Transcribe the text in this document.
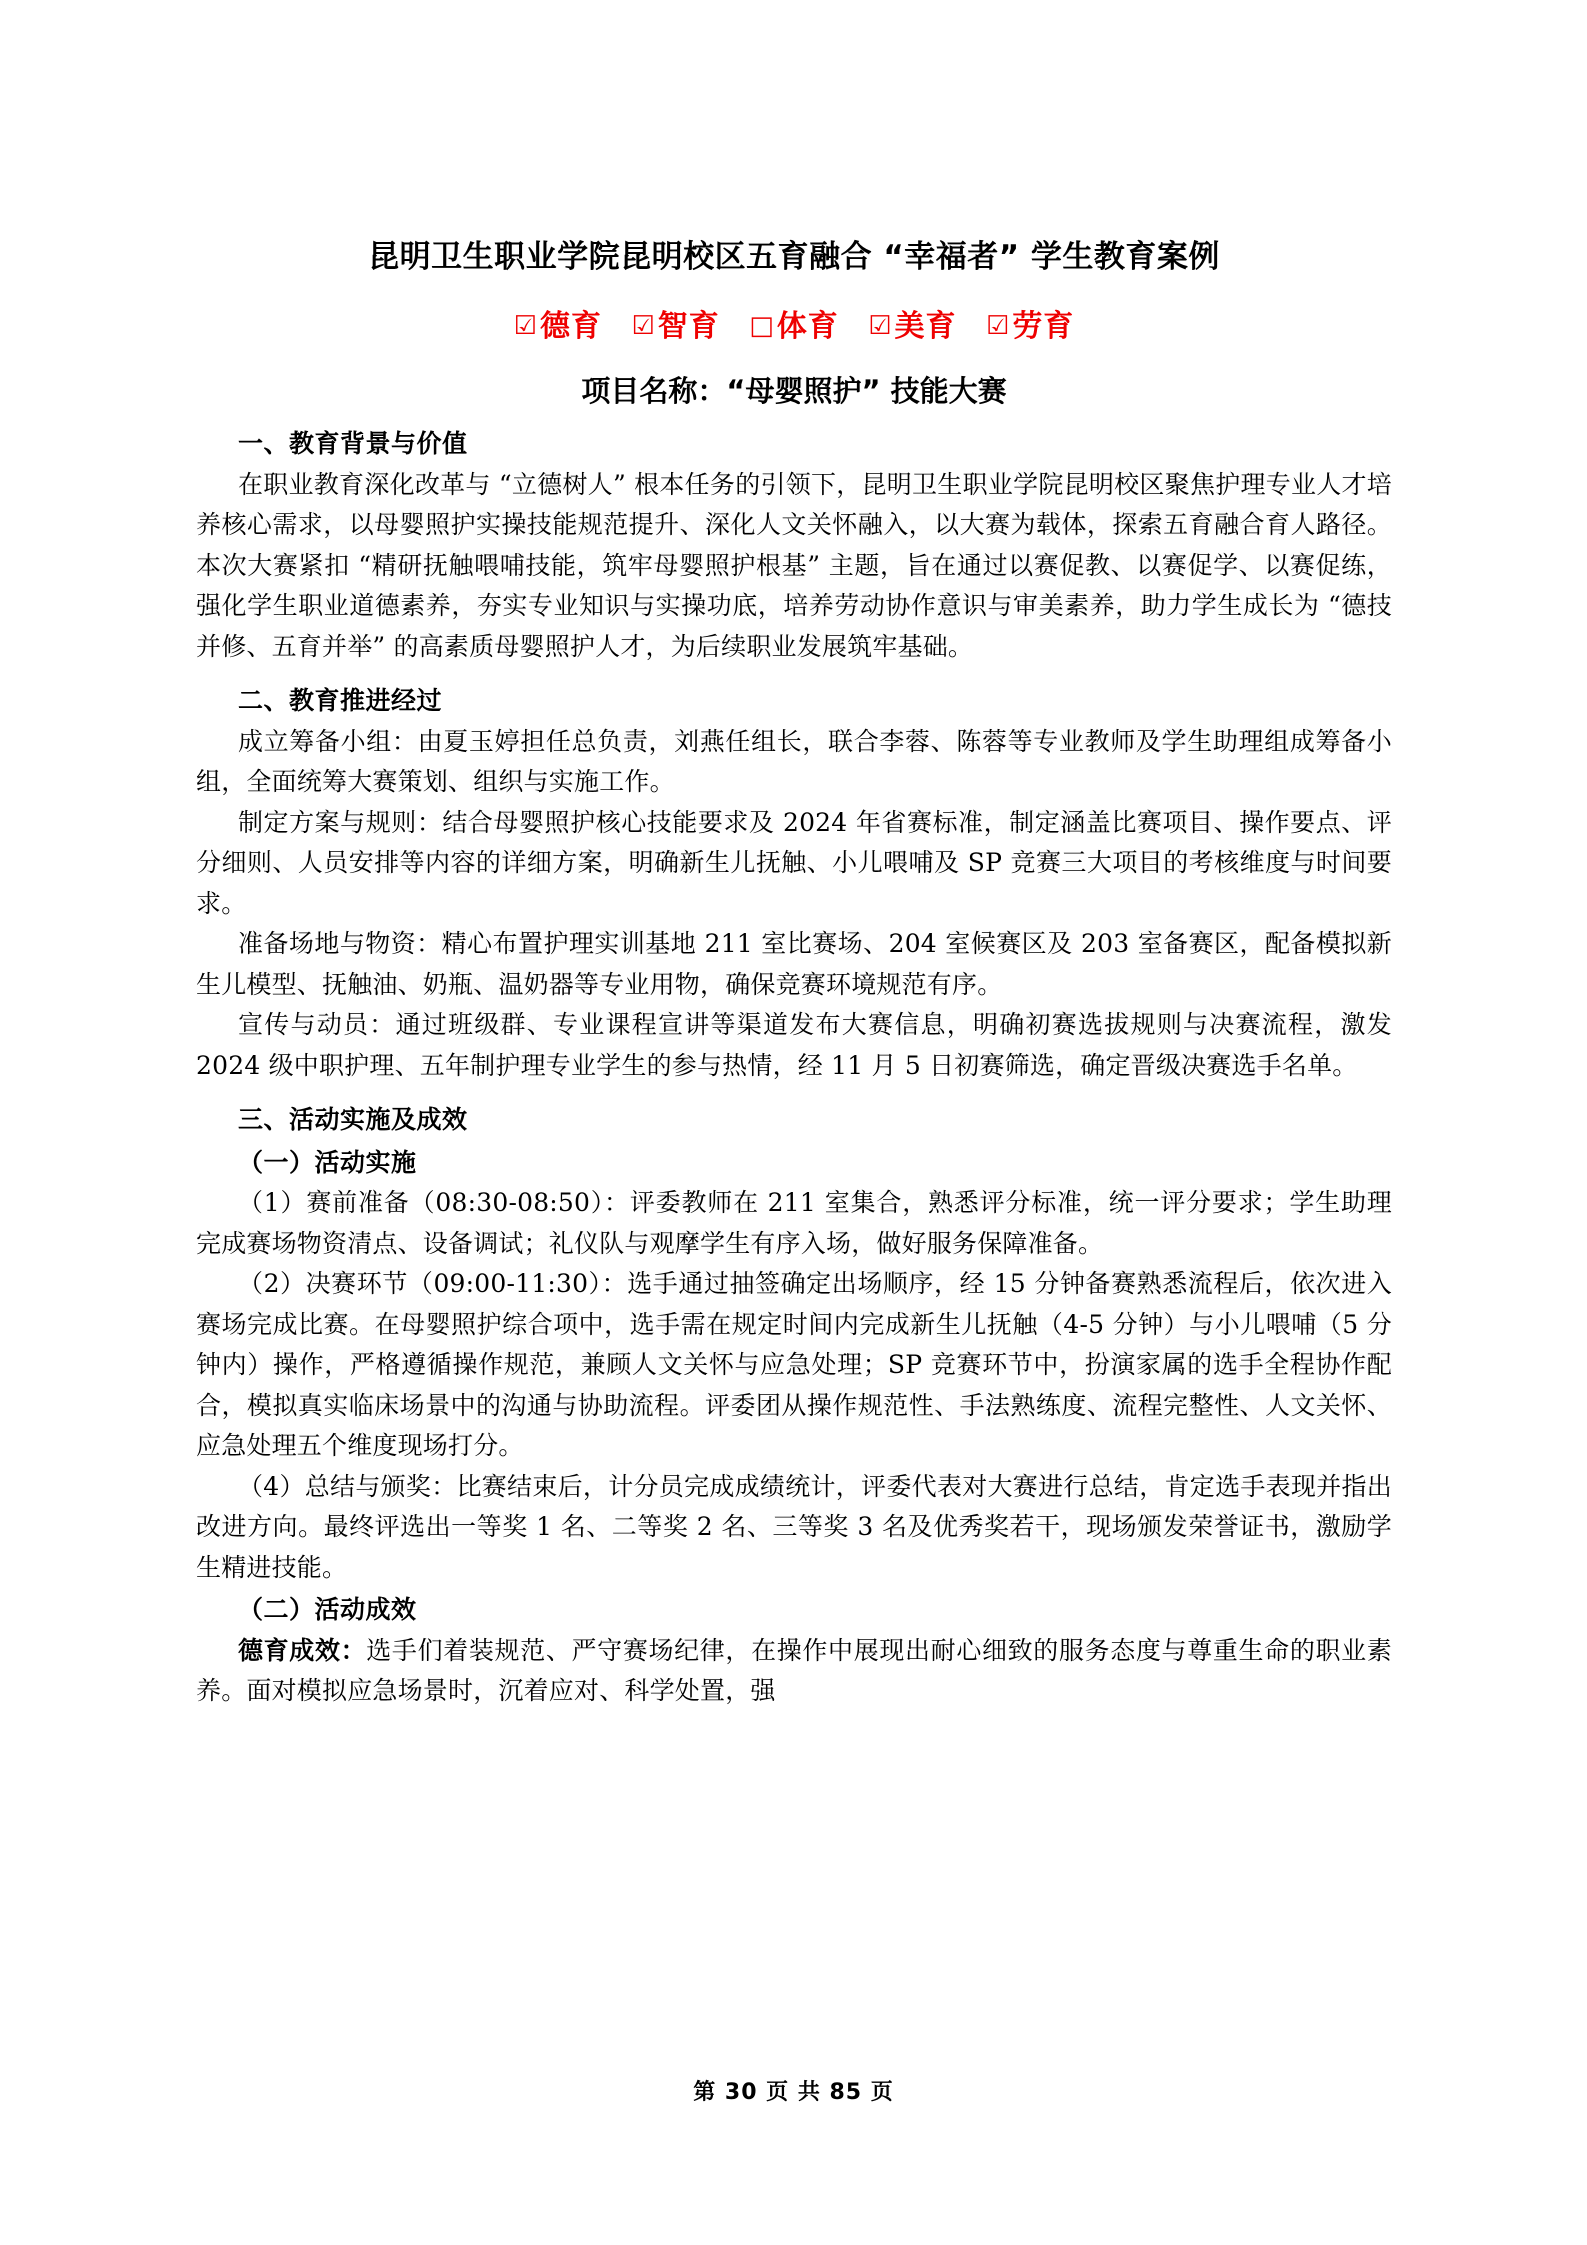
昆明卫生职业学院昆明校区五育融合 “幸福者” 学生教育案例
☑德育 ☑智育 □体育 ☑美育 ☑劳育
项目名称：“母婴照护” 技能大赛
一、教育背景与价值

在职业教育深化改革与 “立德树人” 根本任务的引领下，昆明卫生职业学院昆明校区聚焦护理专业人才培养核心需求，以母婴照护实操技能规范提升、深化人文关怀融入，以大赛为载体，探索五育融合育人路径。本次大赛紧扣 “精研抚触喂哺技能，筑牢母婴照护根基” 主题，旨在通过以赛促教、以赛促学、以赛促练，强化学生职业道德素养，夯实专业知识与实操功底，培养劳动协作意识与审美素养，助力学生成长为 “德技并修、五育并举” 的高素质母婴照护人才，为后续职业发展筑牢基础。

二、教育推进经过

成立筹备小组：由夏玉婷担任总负责，刘燕任组长，联合李蓉、陈蓉等专业教师及学生助理组成筹备小组，全面统筹大赛策划、组织与实施工作。

制定方案与规则：结合母婴照护核心技能要求及 2024 年省赛标准，制定涵盖比赛项目、操作要点、评分细则、人员安排等内容的详细方案，明确新生儿抚触、小儿喂哺及 SP 竞赛三大项目的考核维度与时间要求。

准备场地与物资：精心布置护理实训基地 211 室比赛场、204 室候赛区及 203 室备赛区，配备模拟新生儿模型、抚触油、奶瓶、温奶器等专业用物，确保竞赛环境规范有序。

宣传与动员：通过班级群、专业课程宣讲等渠道发布大赛信息，明确初赛选拔规则与决赛流程，激发 2024 级中职护理、五年制护理专业学生的参与热情，经 11 月 5 日初赛筛选，确定晋级决赛选手名单。

三、活动实施及成效
（一）活动实施

（1）赛前准备（08:30-08:50）：评委教师在 211 室集合，熟悉评分标准，统一评分要求；学生助理完成赛场物资清点、设备调试；礼仪队与观摩学生有序入场，做好服务保障准备。

（2）决赛环节（09:00-11:30）：选手通过抽签确定出场顺序，经 15 分钟备赛熟悉流程后，依次进入赛场完成比赛。在母婴照护综合项中，选手需在规定时间内完成新生儿抚触（4-5 分钟）与小儿喂哺（5 分钟内）操作，严格遵循操作规范，兼顾人文关怀与应急处理；SP 竞赛环节中，扮演家属的选手全程协作配合，模拟真实临床场景中的沟通与协助流程。评委团从操作规范性、手法熟练度、流程完整性、人文关怀、应急处理五个维度现场打分。

（4）总结与颁奖：比赛结束后，计分员完成成绩统计，评委代表对大赛进行总结，肯定选手表现并指出改进方向。最终评选出一等奖 1 名、二等奖 2 名、三等奖 3 名及优秀奖若干，现场颁发荣誉证书，激励学生精进技能。

（二）活动成效

德育成效：选手们着装规范、严守赛场纪律，在操作中展现出耐心细致的服务态度与尊重生命的职业素养。面对模拟应急场景时，沉着应对、科学处置，强

第 30 页 共 85 页
